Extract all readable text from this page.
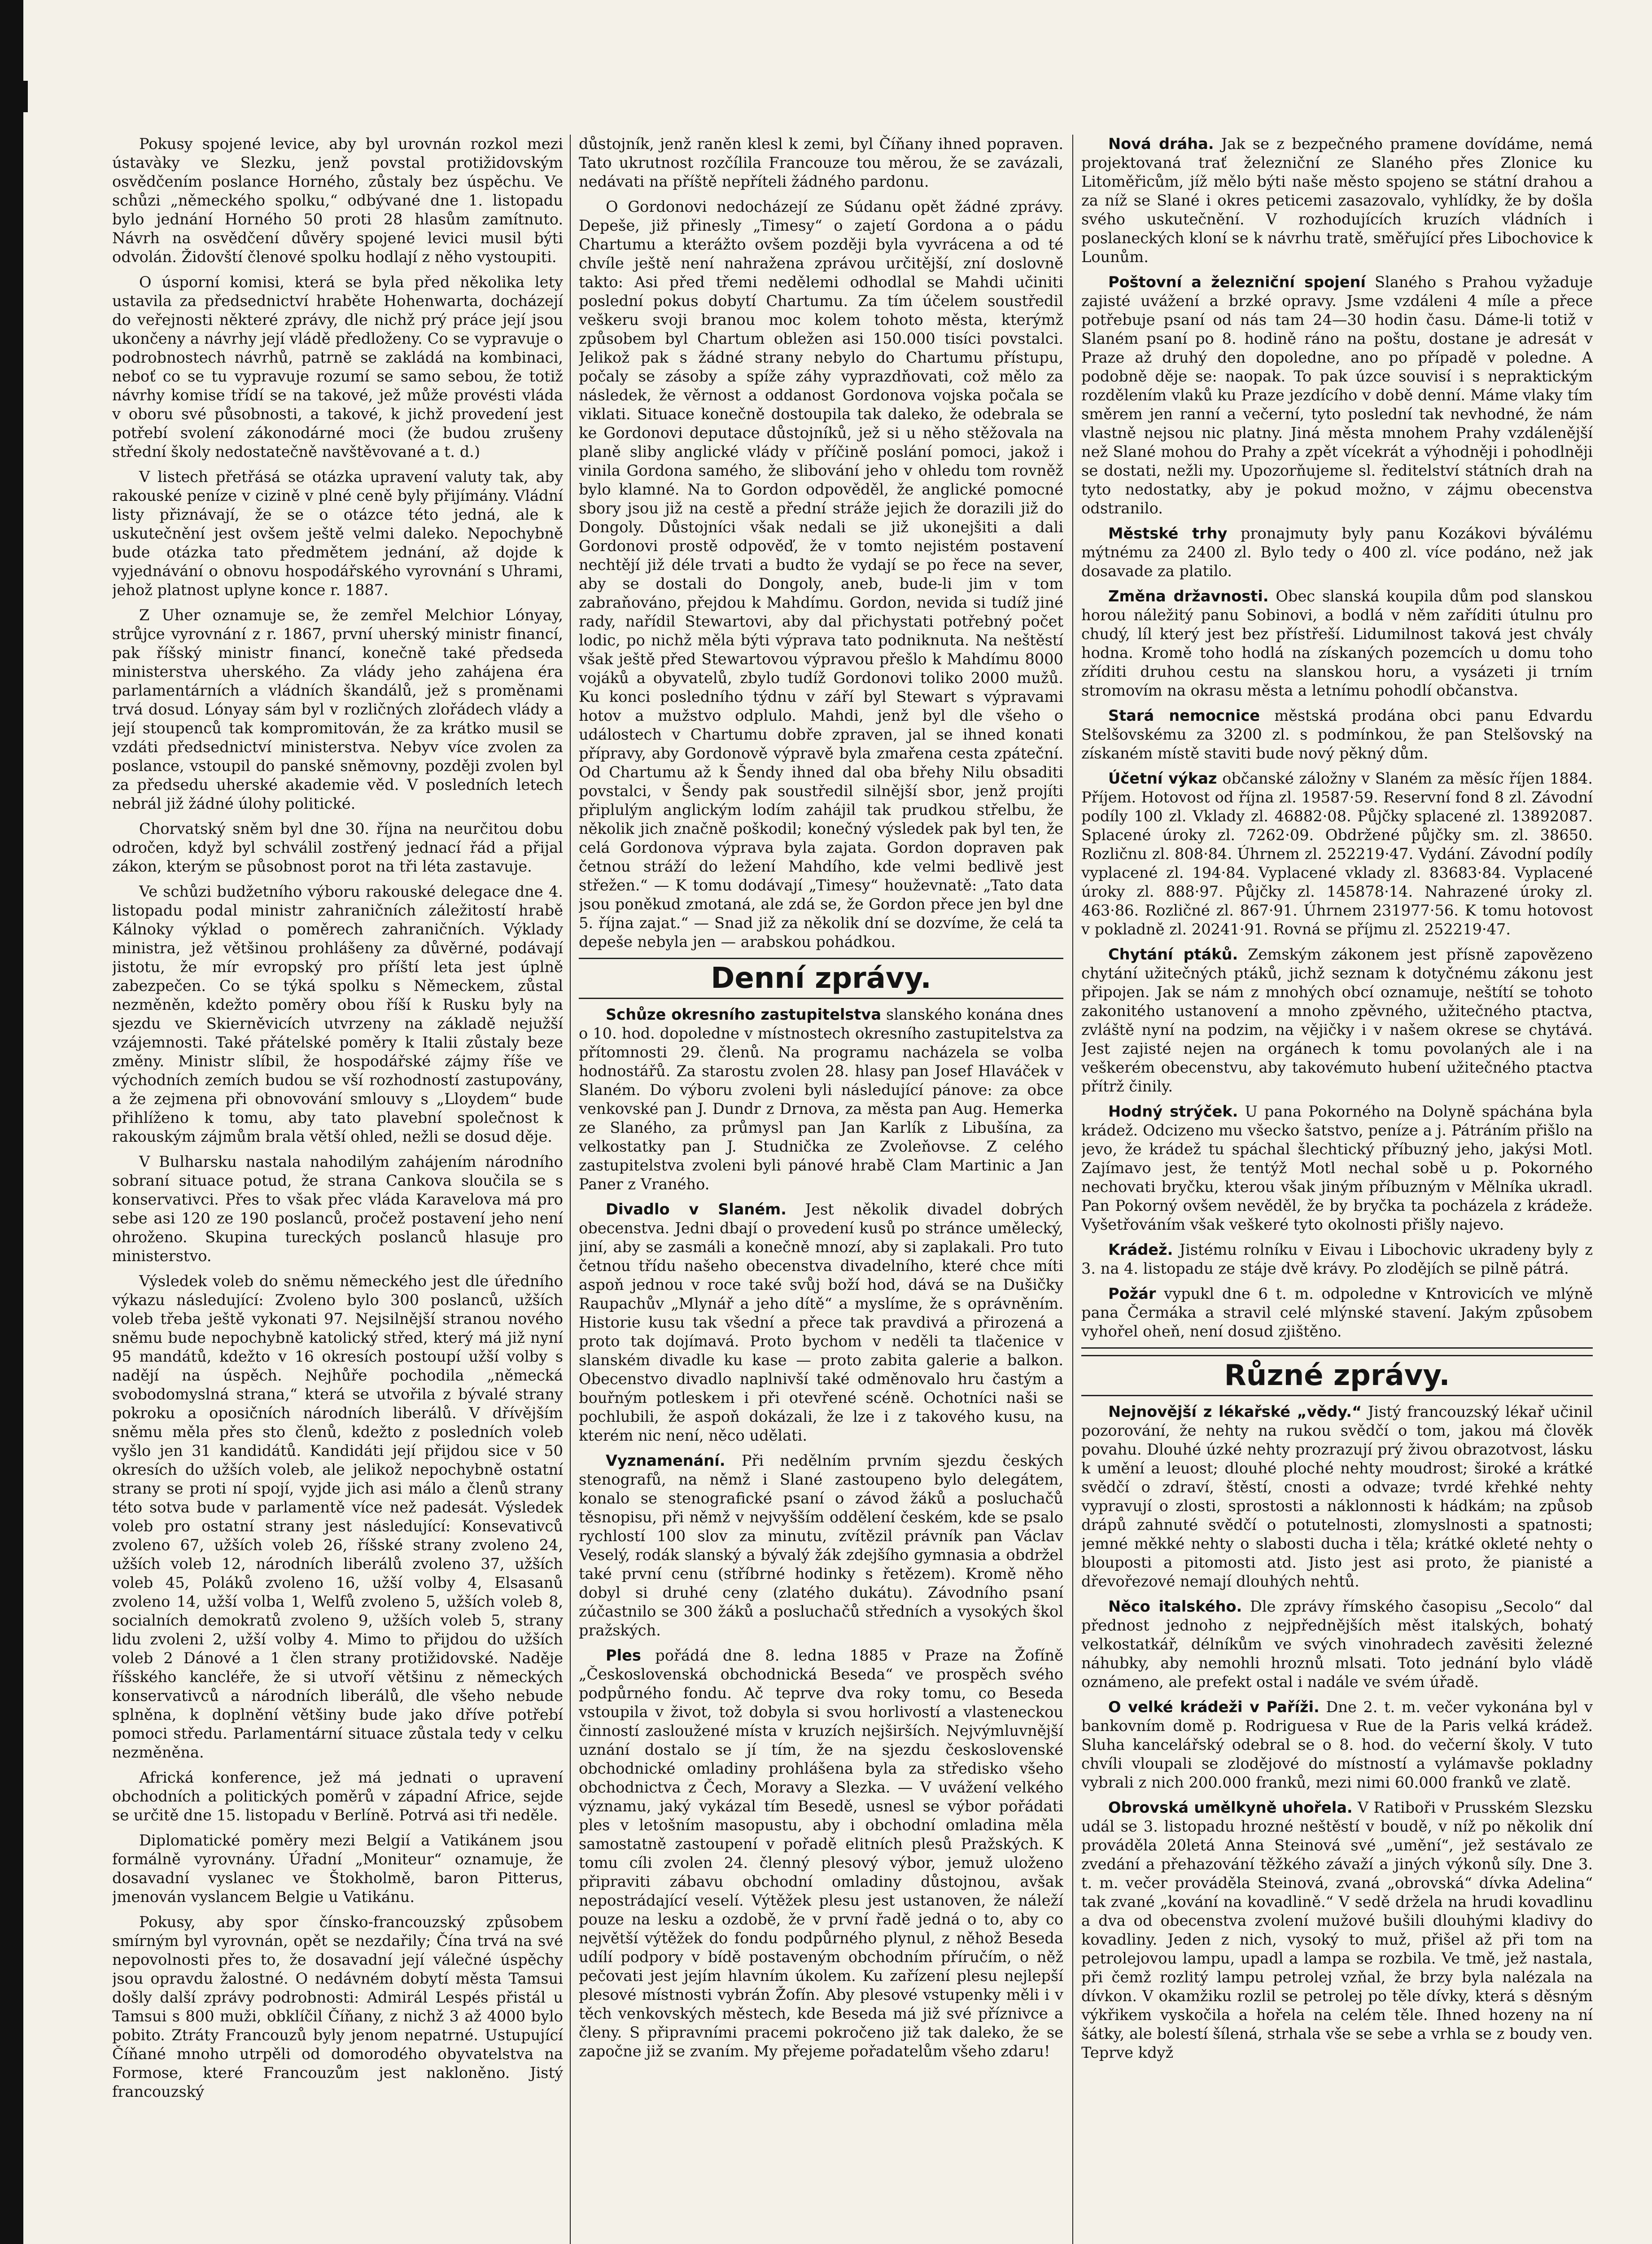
Pokusy spojené levice, aby byl urovnán rozkol mezi ústavàky ve Slezku, jenž povstal protižidovským osvědčením poslance Horného, zůstaly bez úspěchu. Ve schůzi „německého spolku,“ odbývané dne 1. listopadu bylo jednání Horného 50 proti 28 hlasům zamítnuto. Návrh na osvědčení důvěry spojené levici musil býti odvolán. Židovští členové spolku hodlají z něho vystoupiti.

O úsporní komisi, která se byla před několika lety ustavila za předsednictví hraběte Hohenwarta, docházejí do veřejnosti některé zprávy, dle nichž prý práce její jsou ukončeny a návrhy její vládě předloženy. Co se vypravuje o podrobnostech návrhů, patrně se zakládá na kombinaci, neboť co se tu vypravuje rozumí se samo sebou, že totiž návrhy komise třídí se na takové, jež může provésti vláda v oboru své působnosti, a takové, k jichž provedení jest potřebí svolení zákonodárné moci (že budou zrušeny střední školy nedostatečně navštěvované a t. d.)

V listech přetřásá se otázka upravení valuty tak, aby rakouské peníze v cizině v plné ceně byly přijímány. Vládní listy přiznávají, že se o otázce této jedná, ale k uskutečnění jest ovšem ještě velmi daleko. Nepochybně bude otázka tato předmětem jednání, až dojde k vyjednávání o obnovu hospodářského vyrovnání s Uhrami, jehož platnost uplyne konce r. 1887.

Z Uher oznamuje se, že zemřel Melchior Lónyay, strůjce vyrovnání z r. 1867, první uherský ministr financí, pak říšský ministr financí, konečně také předseda ministerstva uherského. Za vlády jeho zahájena éra parlamentárních a vládních škandálů, jež s proměnami trvá dosud. Lónyay sám byl v rozličných zlořádech vlády a její stoupenců tak kompromitován, že za krátko musil se vzdáti předsednictví ministerstva. Nebyv více zvolen za poslance, vstoupil do panské sněmovny, později zvolen byl za předsedu uherské akademie věd. V posledních letech nebrál již žádné úlohy politické.

Chorvatský sněm byl dne 30. října na neurčitou dobu odročen, když byl schválil zostřený jednací řád a přijal zákon, kterým se působnost porot na tři léta zastavuje.

Ve schůzi budžetního výboru rakouské delegace dne 4. listopadu podal ministr zahraničních záležitostí hrabě Kálnoky výklad o poměrech zahraničních. Výklady ministra, jež většinou prohlášeny za důvěrné, podávají jistotu, že mír evropský pro příští leta jest úplně zabezpečen. Co se týká spolku s Německem, zůstal nezměněn, kdežto poměry obou říší k Rusku byly na sjezdu ve Skierněvicích utvrzeny na základě nejužší vzájemnosti. Také přátelské poměry k Italii zůstaly beze změny. Ministr slíbil, že hospodářské zájmy říše ve východních zemích budou se vší rozhodností zastupovány, a že zejmena při obnovování smlouvy s „Lloydem“ bude přihlíženo k tomu, aby tato plavební společnost k rakouským zájmům brala větší ohled, nežli se dosud děje.

V Bulharsku nastala nahodilým zahájením národního sobraní situace potud, že strana Cankova sloučila se s konservativci. Přes to však přec vláda Karavelova má pro sebe asi 120 ze 190 poslanců, pročež postavení jeho není ohroženo. Skupina tureckých poslanců hlasuje pro ministerstvo.

Výsledek voleb do sněmu německého jest dle úředního výkazu následující: Zvoleno bylo 300 poslanců, užších voleb třeba ještě vykonati 97. Nejsilnější stranou nového sněmu bude nepochybně katolický střed, který má již nyní 95 mandátů, kdežto v 16 okresích postoupí užší volby s nadějí na úspěch. Nejhůře pochodila „německá svobodomyslná strana,“ která se utvořila z bývalé strany pokroku a oposičních národních liberálů. V dřívějším sněmu měla přes sto členů, kdežto z posledních voleb vyšlo jen 31 kandidátů. Kandidáti její přijdou sice v 50 okresích do užších voleb, ale jelikož nepochybně ostatní strany se proti ní spojí, vyjde jich asi málo a členů strany této sotva bude v parlamentě více než padesát. Výsledek voleb pro ostatní strany jest následující: Konsevativců zvoleno 67, užších voleb 26, říšské strany zvoleno 24, užších voleb 12, národních liberálů zvoleno 37, užších voleb 45, Poláků zvoleno 16, užší volby 4, Elsasanů zvoleno 14, užší volba 1, Welfů zvoleno 5, užších voleb 8, socialních demokratů zvoleno 9, užších voleb 5, strany lidu zvoleni 2, užší volby 4. Mimo to přijdou do užších voleb 2 Dánové a 1 člen strany protižidovské. Naděje říšského kancléře, že si utvoří většinu z německých konservativců a národních liberálů, dle všeho nebude splněna, k doplnění většiny bude jako dříve potřebí pomoci středu. Parlamentární situace zůstala tedy v celku nezměněna.

Africká konference, jež má jednati o upravení obchodních a politických poměrů v západní Africe, sejde se určitě dne 15. listopadu v Berlíně. Potrvá asi tři neděle.

Diplomatické poměry mezi Belgií a Vatikánem jsou formálně vyrovnány. Úřadní „Moniteur“ oznamuje, že dosavadní vyslanec ve Štokholmě, baron Pitterus, jmenován vyslancem Belgie u Vatikánu.

Pokusy, aby spor čínsko-francouzský způsobem smírným byl vyrovnán, opět se nezdařily; Čína trvá na své nepovolnosti přes to, že dosavadní její válečné úspěchy jsou opravdu žalostné. O nedávném dobytí města Tamsui došly další zprávy podrobnosti: Admirál Lespés přistál u Tamsui s 800 muži, obklíčil Číňany, z nichž 3 až 4000 bylo pobito. Ztráty Francouzů byly jenom nepatrné. Ustupující Číňané mnoho utrpěli od domorodého obyvatelstva na Formose, které Francouzům jest nakloněno. Jistý francouzský

důstojník, jenž raněn klesl k zemi, byl Číňany ihned popraven. Tato ukrutnost rozčílila Francouze tou měrou, že se zavázali, nedávati na příště nepříteli žádného pardonu.

O Gordonovi nedocházejí ze Súdanu opět žádné zprávy. Depeše, již přinesly „Timesy“ o zajetí Gordona a o pádu Chartumu a kterážto ovšem později byla vyvrácena a od té chvíle ještě není nahražena zprávou určitější, zní doslovně takto: Asi před třemi nedělemi odhodlal se Mahdi učiniti poslední pokus dobytí Chartumu. Za tím účelem soustředil veškeru svoji branou moc kolem tohoto města, kterýmž způsobem byl Chartum obležen asi 150.000 tisíci povstalci. Jelikož pak s žádné strany nebylo do Chartumu přístupu, počaly se zásoby a spíže záhy vyprazdňovati, což mělo za následek, že věrnost a oddanost Gordonova vojska počala se viklati. Situace konečně dostoupila tak daleko, že odebrala se ke Gordonovi deputace důstojníků, jež si u něho stěžovala na planě sliby anglické vlády v příčině poslání pomoci, jakož i vinila Gordona samého, že slibování jeho v ohledu tom rovněž bylo klamné. Na to Gordon odpověděl, že anglické pomocné sbory jsou již na cestě a přední stráže jejich že dorazili již do Dongoly. Důstojníci však nedali se již ukonejšiti a dali Gordonovi prostě odpověď, že v tomto nejistém postavení nechtějí již déle trvati a budto že vydají se po řece na sever, aby se dostali do Dongoly, aneb, bude-li jim v tom zabraňováno, přejdou k Mahdímu. Gordon, nevida si tudíž jiné rady, nařídil Stewartovi, aby dal přichystati potřebný počet lodic, po nichž měla býti výprava tato podniknuta. Na neštěstí však ještě před Stewartovou výpravou přešlo k Mahdímu 8000 vojáků a obyvatelů, zbylo tudíž Gordonovi toliko 2000 mužů. Ku konci posledního týdnu v září byl Stewart s výpravami hotov a mužstvo odplulo. Mahdi, jenž byl dle všeho o událostech v Chartumu dobře zpraven, jal se ihned konati přípravy, aby Gordonově výpravě byla zmařena cesta zpáteční. Od Chartumu až k Šendy ihned dal oba břehy Nilu obsaditi povstalci, v Šendy pak soustředil silnější sbor, jenž projíti připlulým anglickým lodím zahájil tak prudkou střelbu, že několik jich značně poškodil; konečný výsledek pak byl ten, že celá Gordonova výprava byla zajata. Gordon dopraven pak četnou stráží do ležení Mahdího, kde velmi bedlivě jest střežen.“ — K tomu dodávají „Timesy“ houževnatě: „Tato data jsou poněkud zmotaná, ale zdá se, že Gordon přece jen byl dne 5. října zajat.“ — Snad již za několik dní se dozvíme, že celá ta depeše nebyla jen — arabskou pohádkou.

Denní zprávy.

Schůze okresního zastupitelstva slanského konána dnes o 10. hod. dopoledne v místnostech okresního zastupitelstva za přítomnosti 29. členů. Na programu nacházela se volba hodnostářů. Za starostu zvolen 28. hlasy pan Josef Hlaváček v Slaném. Do výboru zvoleni byli následující pánove: za obce venkovské pan J. Dundr z Drnova, za města pan Aug. Hemerka ze Slaného, za průmysl pan Jan Karlík z Libušína, za velkostatky pan J. Studnička ze Zvoleňovse. Z celého zastupitelstva zvoleni byli pánové hrabě Clam Martinic a Jan Paner z Vraného.

Divadlo v Slaném. Jest několik divadel dobrých obecenstva. Jedni dbají o provedení kusů po stránce umělecký, jiní, aby se zasmáli a konečně mnozí, aby si zaplakali. Pro tuto četnou třídu našeho obecenstva divadelního, které chce míti aspoň jednou v roce také svůj boží hod, dává se na Dušičky Raupachův „Mlynář a jeho dítě“ a myslíme, že s oprávněním. Historie kusu tak všední a přece tak pravdivá a přirozená a proto tak dojímavá. Proto bychom v neděli ta tlačenice v slanském divadle ku kase — proto zabita galerie a balkon. Obecenstvo divadlo naplnivší také odměnovalo hru častým a bouřným potleskem i při otevřené scéně. Ochotníci naši se pochlubili, že aspoň dokázali, že lze i z takového kusu, na kterém nic není, něco udělati.

Vyznamenání. Při nedělním prvním sjezdu českých stenografů, na němž i Slané zastoupeno bylo delegátem, konalo se stenografické psaní o závod žáků a posluchačů těsnopisu, při němž v nejvyšším oddělení českém, kde se psalo rychlostí 100 slov za minutu, zvítězil právník pan Václav Veselý, rodák slanský a bývalý žák zdejšího gymnasia a obdržel také první cenu (stříbrné hodinky s řetězem). Kromě něho dobyl si druhé ceny (zlatého dukátu). Závodního psaní zúčastnilo se 300 žáků a posluchačů středních a vysokých škol pražských.

Ples pořádá dne 8. ledna 1885 v Praze na Žofíně „Československá obchodnická Beseda“ ve prospěch svého podpůrného fondu. Ač teprve dva roky tomu, co Beseda vstoupila v život, tož dobyla si svou horlivostí a vlasteneckou činností zasloužené místa v kruzích nejširších. Nejvýmluvnější uznání dostalo se jí tím, že na sjezdu československé obchodnické omladiny prohlášena byla za středisko všeho obchodnictva z Čech, Moravy a Slezka. — V uvážení velkého významu, jaký vykázal tím Besedě, usnesl se výbor pořádati ples v letošním masopustu, aby i obchodní omladina měla samostatně zastoupení v pořadě elitních plesů Pražských. K tomu cíli zvolen 24. členný plesový výbor, jemuž uloženo připraviti zábavu obchodní omladiny důstojnou, avšak nepostrádající veselí. Výtěžek plesu jest ustanoven, že náleží pouze na lesku a ozdobě, že v první řadě jedná o to, aby co největší výtěžek do fondu podpůrného plynul, z něhož Beseda udílí podpory v bídě postaveným obchodním příručím, o něž pečovati jest jejím hlavním úkolem. Ku zařízení plesu nejlepší plesové místnosti vybrán Žofín. Aby plesové vstupenky měli i v těch venkovských městech, kde Beseda má již své příznivce a členy. S připravními pracemi pokročeno již tak daleko, že se započne již se zvaním. My přejeme pořadatelům všeho zdaru!

Nová dráha. Jak se z bezpečného pramene dovídáme, nemá projektovaná trať železniční ze Slaného přes Zlonice ku Litoměřicům, jíž mělo býti naše město spojeno se státní drahou a za níž se Slané i okres peticemi zasazovalo, vyhlídky, že by došla svého uskutečnění. V rozhodujících kruzích vládních i poslaneckých kloní se k návrhu tratě, směřující přes Libochovice k Lounům.

Poštovní a železniční spojení Slaného s Prahou vyžaduje zajisté uvážení a brzké opravy. Jsme vzdáleni 4 míle a přece potřebuje psaní od nás tam 24—30 hodin času. Dáme-li totiž v Slaném psaní po 8. hodině ráno na poštu, dostane je adresát v Praze až druhý den dopoledne, ano po případě v poledne. A podobně děje se: naopak. To pak úzce souvisí i s nepraktickým rozdělením vlaků ku Praze jezdícího v době denní. Máme vlaky tím směrem jen ranní a večerní, tyto poslední tak nevhodné, že nám vlastně nejsou nic platny. Jiná města mnohem Prahy vzdálenější než Slané mohou do Prahy a zpět vícekrát a výhodněji i pohodlněji se dostati, nežli my. Upozorňujeme sl. ředitelství státních drah na tyto nedostatky, aby je pokud možno, v zájmu obecenstva odstranilo.

Městské trhy pronajmuty byly panu Kozákovi býválému mýtnému za 2400 zl. Bylo tedy o 400 zl. více podáno, než jak dosavade za platilo.

Změna državnosti. Obec slanská koupila dům pod slanskou horou náležitý panu Sobinovi, a bodlá v něm zaříditi útulnu pro chudý, líl který jest bez přístřeší. Lidumilnost taková jest chvály hodna. Kromě toho hodlá na získaných pozemcích u domu toho zříditi druhou cestu na slanskou horu, a vysázeti ji trním stromovím na okrasu města a letnímu pohodlí občanstva.

Stará nemocnice městská prodána obci panu Edvardu Stelšovskému za 3200 zl. s podmínkou, že pan Stelšovský na získaném místě staviti bude nový pěkný dům.

Účetní výkaz občanské záložny v Slaném za měsíc říjen 1884. Příjem. Hotovost od října zl. 19587·59. Reservní fond 8 zl. Závodní podíly 100 zl. Vklady zl. 46882·08. Půjčky splacené zl. 13892087. Splacené úroky zl. 7262·09. Obdržené půjčky sm. zl. 38650. Rozličnu zl. 808·84. Úhrnem zl. 252219·47. Vydání. Závodní podíly vyplacené zl. 194·84. Vyplacené vklady zl. 83683·84. Vyplacené úroky zl. 888·97. Půjčky zl. 145878·14. Nahrazené úroky zl. 463·86. Rozličné zl. 867·91. Úhrnem 231977·56. K tomu hotovost v pokladně zl. 20241·91. Rovná se příjmu zl. 252219·47.

Chytání ptáků. Zemským zákonem jest přísně zapovězeno chytání užitečných ptáků, jichž seznam k dotyčnému zákonu jest připojen. Jak se nám z mnohých obcí oznamuje, neštítí se tohoto zakonitého ustanovení a mnoho zpěvného, užitečného ptactva, zvláště nyní na podzim, na vějičky i v našem okrese se chytává. Jest zajisté nejen na orgánech k tomu povolaných ale i na veškerém obecenstvu, aby takovémuto hubení užitečného ptactva přítrž činily.

Hodný strýček. U pana Pokorného na Dolyně spáchána byla krádež. Odcizeno mu všecko šatstvo, peníze a j. Pátráním přišlo na jevo, že krádež tu spáchal šlechtický příbuzný jeho, jakýsi Motl. Zajímavo jest, že tentýž Motl nechal sobě u p. Pokorného nechovati bryčku, kterou však jiným příbuzným v Mělníka ukradl. Pan Pokorný ovšem nevěděl, že by bryčka ta pocházela z krádeže. Vyšetřováním však veškeré tyto okolnosti přišly najevo.

Krádež. Jistému rolníku v Eivau i Libochovic ukradeny byly z 3. na 4. listopadu ze stáje dvě krávy. Po zlodějích se pilně pátrá.

Požár vypukl dne 6 t. m. odpoledne v Kntrovicích ve mlýně pana Čermáka a stravil celé mlýnské stavení. Jakým způsobem vyhořel oheň, není dosud zjištěno.

Různé zprávy.

Nejnovější z lékařské „vědy.“ Jistý francouzský lékař učinil pozorování, že nehty na rukou svědčí o tom, jakou má člověk povahu. Dlouhé úzké nehty prozrazují prý živou obrazotvost, lásku k umění a leuost; dlouhé ploché nehty moudrost; široké a krátké svědčí o zdraví, štěstí, cnosti a odvaze; tvrdé křehké nehty vypravují o zlosti, sprostosti a náklonnosti k hádkám; na způsob drápů zahnuté svědčí o potutelnosti, zlomyslnosti a spatnosti; jemné měkké nehty o slabosti ducha i těla; krátké okleté nehty o blouposti a pitomosti atd. Jisto jest asi proto, že pianisté a dřevořezové nemají dlouhých nehtů.

Něco italského. Dle zprávy římského časopisu „Secolo“ dal přednost jednoho z nejpřednějších měst italských, bohatý velkostatkář, délníkům ve svých vinohradech zavěsiti železné náhubky, aby nemohli hroznů mlsati. Toto jednání bylo vládě oznámeno, ale prefekt ostal i nadále ve svém úřadě.

O velké krádeži v Paříži. Dne 2. t. m. večer vykonána byl v bankovním domě p. Rodriguesa v Rue de la Paris velká krádež. Sluha kancelářský odebral se o 8. hod. do večerní školy. V tuto chvíli vloupali se zlodějové do místností a vylámavše pokladny vybrali z nich 200.000 franků, mezi nimi 60.000 franků ve zlatě.

Obrovská umělkyně uhořela. V Ratiboři v Prusském Slezsku udál se 3. listopadu hrozné neštěstí v boudě, v níž po několik dní prováděla 20letá Anna Steinová své „umění“, jež sestávalo ze zvedání a přehazování těžkého závaží a jiných výkonů síly. Dne 3. t. m. večer prováděla Steinová, zvaná „obrovská“ dívka Adelina“ tak zvané „kování na kovadlině.“ V sedě držela na hrudi kovadlinu a dva od obecenstva zvolení mužové bušili dlouhými kladivy do kovadliny. Jeden z nich, vysoký to muž, přišel až při tom na petrolejovou lampu, upadl a lampa se rozbila. Ve tmě, jež nastala, při čemž rozlitý lampu petrolej vzňal, že brzy byla nalézala na dívkon. V okamžiku rozlil se petrolej po těle dívky, která s děsným výkřikem vyskočila a hořela na celém těle. Ihned hozeny na ní šátky, ale bolestí šílená, strhala vše se sebe a vrhla se z boudy ven. Teprve když
